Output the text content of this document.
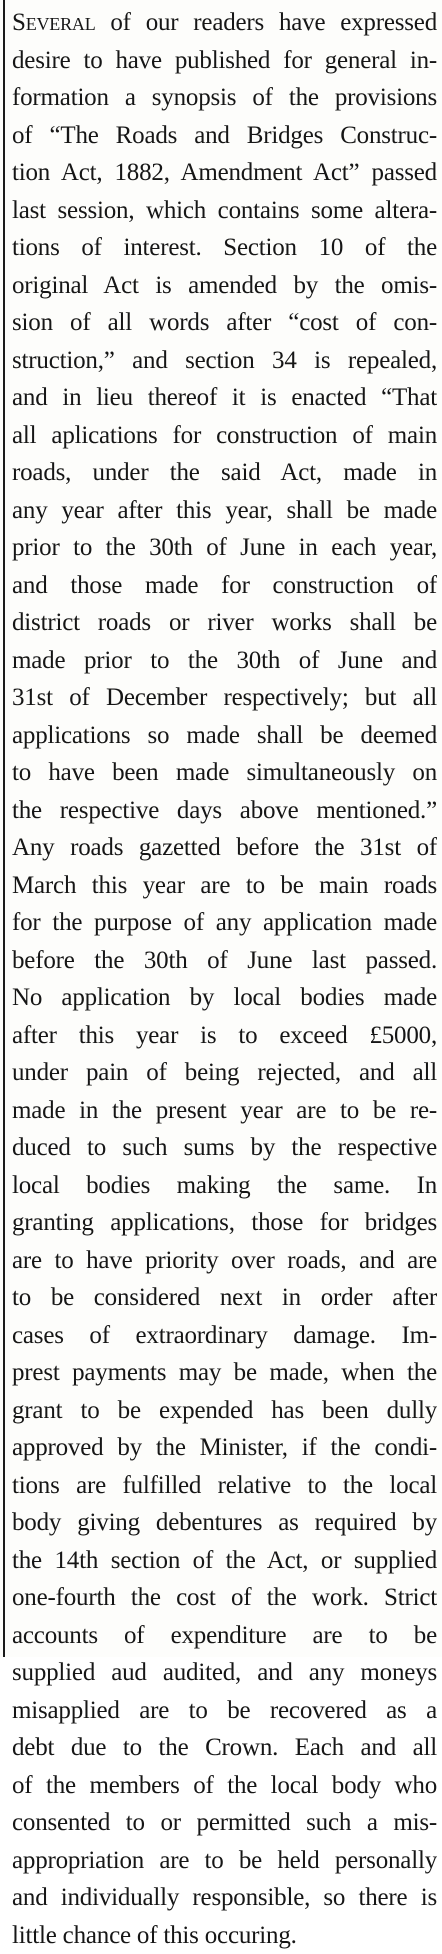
Several of our readers have expressed
desire to have published for general in-
formation a synopsis of the provisions
of “The Roads and Bridges Construc-
tion Act, 1882, Amendment Act” passed
last session, which contains some altera-
tions of interest. Section 10 of the
original Act is amended by the omis-
sion of all words after “cost of con-
struction,” and section 34 is repealed,
and in lieu thereof it is enacted “That
all aplications for construction of main
roads, under the said Act, made in
any year after this year, shall be made
prior to the 30th of June in each year,
and those made for construction of
district roads or river works shall be
made prior to the 30th of June and
31st of December respectively; but all
applications so made shall be deemed
to have been made simultaneously on
the respective days above mentioned.”
Any roads gazetted before the 31st of
March this year are to be main roads
for the purpose of any application made
before the 30th of June last passed.
No application by local bodies made
after this year is to exceed £5000,
under pain of being rejected, and all
made in the present year are to be re-
duced to such sums by the respective
local bodies making the same. In
granting applications, those for bridges
are to have priority over roads, and are
to be considered next in order after
cases of extraordinary damage. Im-
prest payments may be made, when the
grant to be expended has been dully
approved by the Minister, if the condi-
tions are fulfilled relative to the local
body giving debentures as required by
the 14th section of the Act, or supplied
one-fourth the cost of the work. Strict
accounts of expenditure are to be
supplied aud audited, and any moneys
misapplied are to be recovered as a
debt due to the Crown. Each and all
of the members of the local body who
consented to or permitted such a mis-
appropriation are to be held personally
and individually responsible, so there is
little chance of this occuring.
